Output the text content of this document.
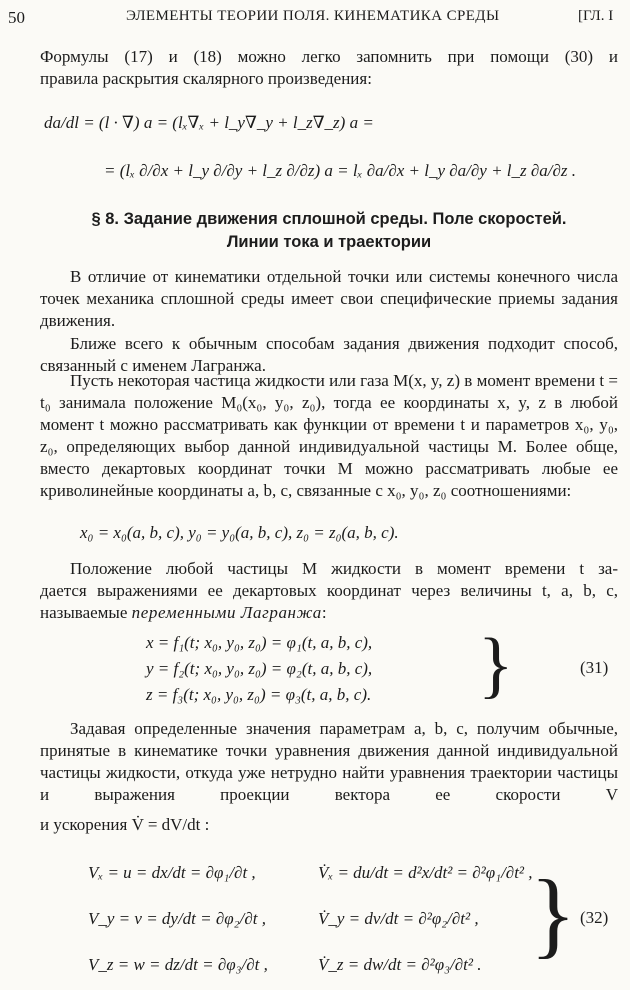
50	ЭЛЕМЕНТЫ ТЕОРИИ ПОЛЯ. КИНЕМАТИКА СРЕДЫ	[ГЛ. I
Формулы (17) и (18) можно легко запомнить при помощи (30) и
правила раскрытия скалярного произведения:
da/dl = (l · ∇) a = (lₓ∇ₓ + l_y∇_y + l_z∇_z) a =
= (lₓ ∂/∂x + l_y ∂/∂y + l_z ∂/∂z) a = lₓ ∂a/∂x + l_y ∂a/∂y + l_z ∂a/∂z .
§ 8. Задание движения сплошной среды. Поле скоростей.
Линии тока и траектории
В отличие от кинематики отдельной точки или системы конечного числа точек механика сплошной среды имеет свои специфические приемы задания движения.
Ближе всего к обычным способам задания движения подходит способ, связанный с именем Лагранжа.
Пусть некоторая частица жидкости или газа M(x, y, z) в момент времени t = t₀ занимала положение M₀(x₀, y₀, z₀), тогда ее координаты x, y, z в любой момент t можно рассматривать как функции от времени t и параметров x₀, y₀, z₀, определяющих выбор данной индивидуальной частицы M. Более обще, вместо декартовых координат точки M можно рассматривать любые ее криволинейные координаты a, b, c, связанные с x₀, y₀, z₀ соотношениями:
x₀ = x₀(a, b, c), y₀ = y₀(a, b, c), z₀ = z₀(a, b, c).
Положение любой частицы M жидкости в момент времени t за-
дается выражениями ее декартовых координат через величины t, a, b, c,
называемые переменными Лагранжа:
x = f₁(t; x₀, y₀, z₀) = φ₁(t, a, b, c),
y = f₂(t; x₀, y₀, z₀) = φ₂(t, a, b, c),
z = f₃(t; x₀, y₀, z₀) = φ₃(t, a, b, c). }	(31)
Задавая определенные значения параметрам a, b, c, получим обычные, принятые в кинематике точки уравнения движения данной индивидуальной частицы жидкости, откуда уже нетрудно найти уравнения траектории частицы и выражения проекции вектора ее скорости V
и ускорения V̇ = dV/dt :
Vₓ = u = dx/dt = ∂φ₁/∂t ,
V_y = v = dy/dt = ∂φ₂/∂t ,
V_z = w = dz/dt = ∂φ₃/∂t ,
V̇ₓ = du/dt = d²x/dt² = ∂²φ₁/∂t² ,
V̇_y = dv/dt = ∂²φ₂/∂t² ,
V̇_z = dw/dt = ∂²φ₃/∂t² . } (32)
